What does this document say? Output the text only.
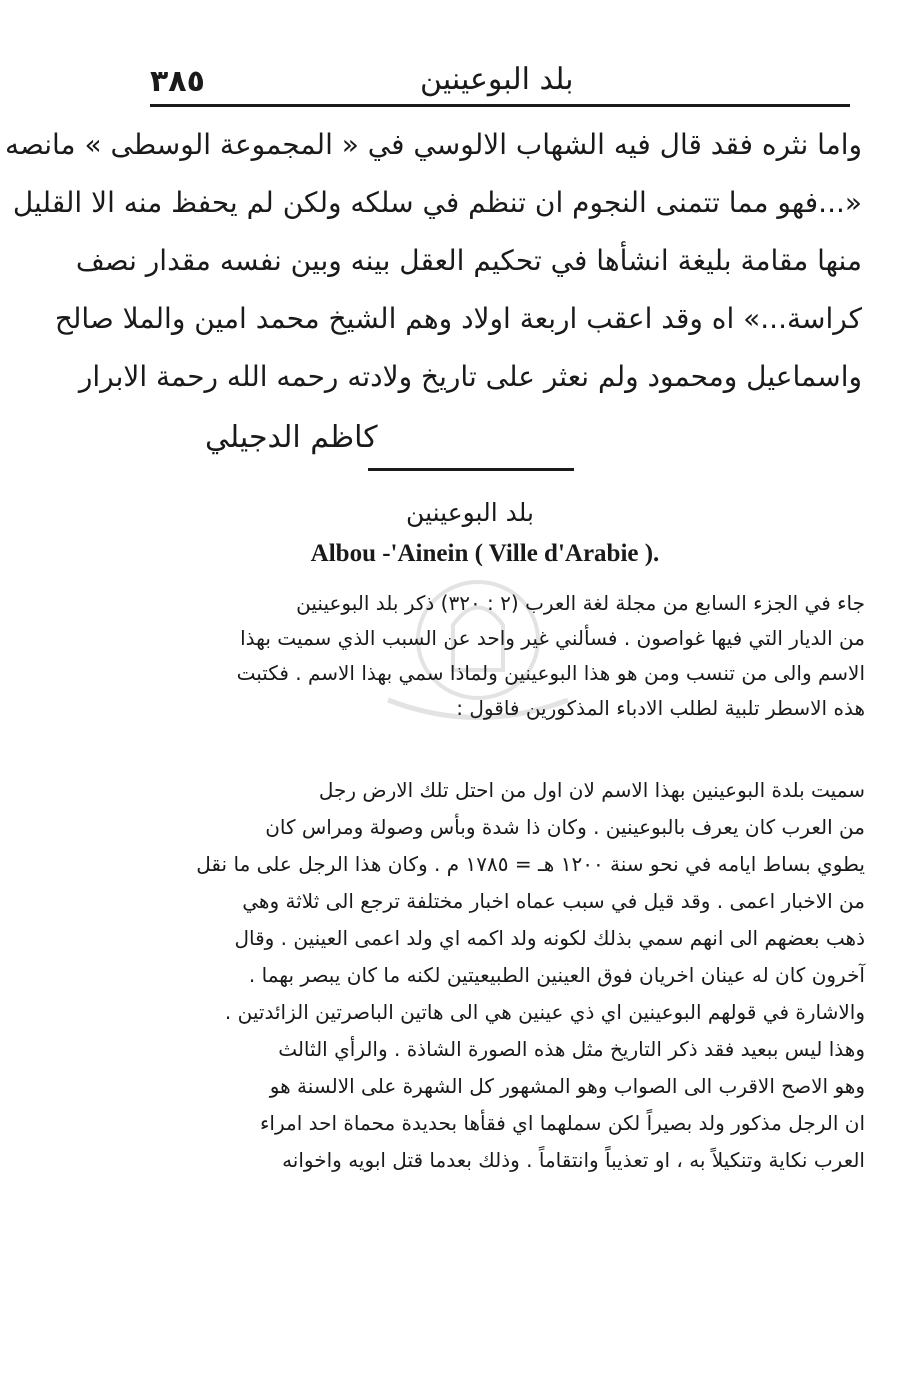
٣٨٥	بلد البوعينين
واما نثره فقد قال فيه الشهاب الالوسي في « المجموعة الوسطى » مانصه
«...فهو مما تتمنى النجوم ان تنظم في سلكه ولكن لم يحفظ منه الا القليل
منها مقامة بليغة انشأها في تحكيم العقل بينه وبين نفسه مقدار نصف
كراسة...» اه وقد اعقب اربعة اولاد وهم الشيخ محمد امين والملا صالح
واسماعيل ومحمود ولم نعثر على تاريخ ولادته رحمه الله رحمة الابرار
كاظم الدجيلي
بلد البوعينين
Albou -'Ainein ( Ville d'Arabie ).
جاء في الجزء السابع من مجلة لغة العرب (٢ : ٣٢٠) ذكر بلد البوعينين
من الديار التي فيها غواصون . فسألني غير واحد عن السبب الذي سميت بهذا
الاسم والى من تنسب ومن هو هذا البوعينين ولماذا سمي بهذا الاسم . فكتبت
هذه الاسطر تلبية لطلب الادباء المذكورين فاقول :
سميت بلدة البوعينين بهذا الاسم لان اول من احتل تلك الارض رجل
من العرب كان يعرف بالبوعينين . وكان ذا شدة وبأس وصولة ومراس كان
يطوي بساط ايامه في نحو سنة ١٢٠٠ هـ = ١٧٨٥ م . وكان هذا الرجل على ما نقل
من الاخبار اعمى . وقد قيل في سبب عماه اخبار مختلفة ترجع الى ثلاثة وهي
ذهب بعضهم الى انهم سمي بذلك لكونه ولد اكمه اي ولد اعمى العينين . وقال
آخرون كان له عينان اخريان فوق العينين الطبيعيتين لكنه ما كان يبصر بهما .
والاشارة في قولهم البوعينين اي ذي عينين هي الى هاتين الباصرتين الزائدتين .
وهذا ليس ببعيد فقد ذكر التاريخ مثل هذه الصورة الشاذة . والرأي الثالث
وهو الاصح الاقرب الى الصواب وهو المشهور كل الشهرة على الالسنة هو
ان الرجل مذكور ولد بصيراً لكن سملهما اي فقأها بحديدة محماة احد امراء
العرب نكاية وتنكيلاً به ، او تعذيباً وانتقاماً . وذلك بعدما قتل ابويه واخوانه
